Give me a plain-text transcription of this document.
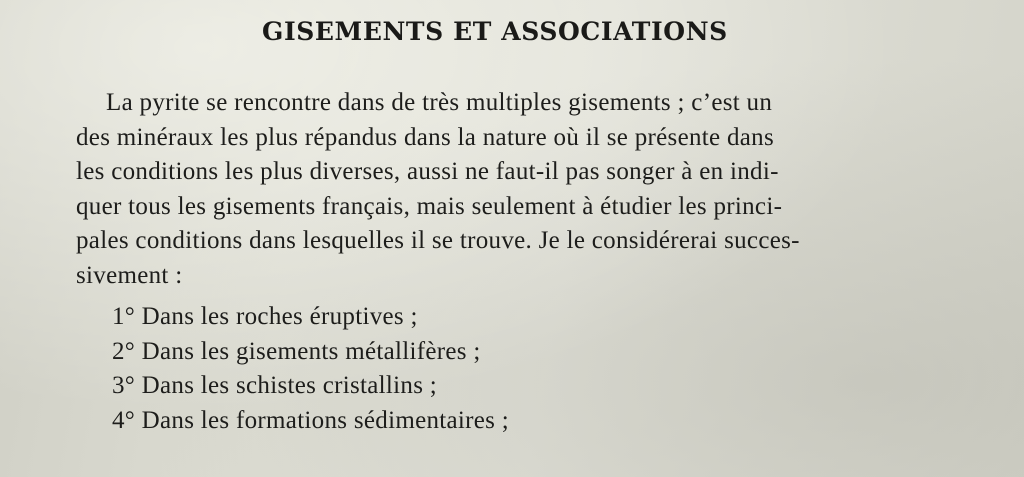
GISEMENTS ET ASSOCIATIONS

La pyrite se rencontre dans de très multiples gisements ; c’est un
des minéraux les plus répandus dans la nature où il se présente dans
les conditions les plus diverses, aussi ne faut-il pas songer à en indi-
quer tous les gisements français, mais seulement à étudier les princi-
pales conditions dans lesquelles il se trouve. Je le considérerai succes-
sivement :

1° Dans les roches éruptives ;
2° Dans les gisements métallifères ;
3° Dans les schistes cristallins ;
4° Dans les formations sédimentaires ;
